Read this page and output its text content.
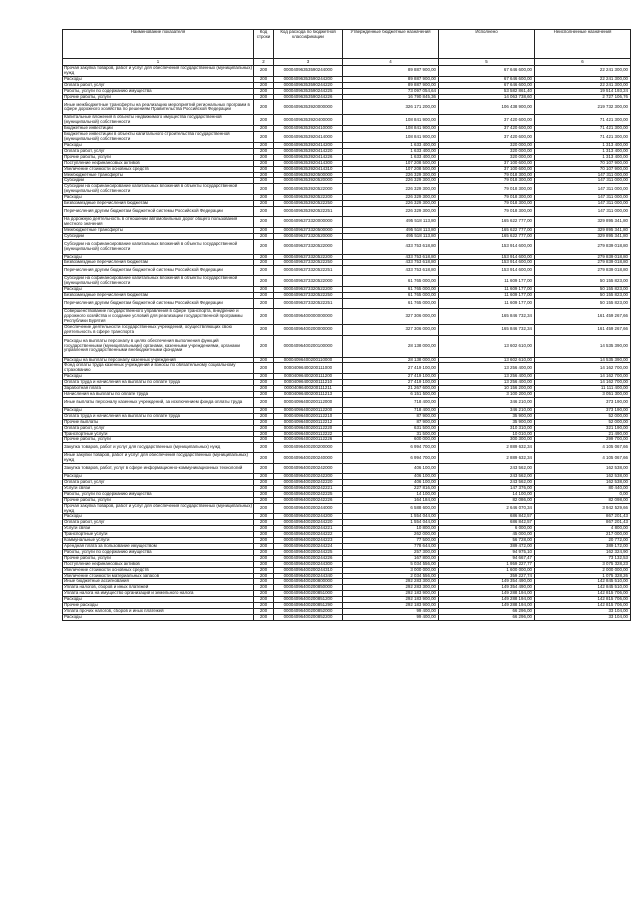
Наименование показателя	Код строки	Код расхода по бюджетной классификации	Утвержденные бюджетные назначения	Исполнено	Неисполненные назначения
1	2	3	4	5	6
Прочая закупка товаров, работ и услуг для обеспечения государственных (муниципальных) нужд	200	00004096353590244000	89 887 900,00	67 646 600,00	22 241 300,00
Расходы	200	00004096353590244200	89 887 900,00	67 646 600,00	22 241 300,00
Оплата работ, услуг	200	00004096353590244220	89 887 900,00	67 646 600,00	22 241 300,00
Работы, услуги по содержанию имущества	200	00004096353590244225	73 097 054,64	53 582 861,40	19 514 193,24
Прочие работы, услуги	200	00004096353590244226	16 790 845,36	14 063 738,60	2 727 106,76
Иные межбюджетные трансферты на реализацию мероприятий региональных программ в сфере дорожного хозяйства по решениям Правительства Российской Федерации	200	00004096353920000000	326 171 200,00	106 438 900,00	219 732 300,00
Капитальные вложения в объекты недвижимого имущества государственной (муниципальной) собственности	200	00004096353920400000	108 841 900,00	37 420 600,00	71 421 300,00
Бюджетные инвестиции	200	00004096353920410000	108 841 900,00	37 420 600,00	71 421 300,00
Бюджетные инвестиции в объекты капитального строительства государственной (муниципальной) собственности	200	00004096353920414000	108 841 900,00	37 420 600,00	71 421 300,00
Расходы	200	00004096353920414200	1 633 400,00	320 000,00	1 313 400,00
Оплата работ, услуг	200	00004096353920414220	1 633 400,00	320 000,00	1 313 400,00
Прочие работы, услуги	200	00004096353920414226	1 633 400,00	320 000,00	1 313 400,00
Поступление нефинансовых активов	200	00004096353920414300	107 208 500,00	37 100 600,00	70 107 900,00
Увеличение стоимости основных средств	200	00004096353920414310	107 208 500,00	37 100 600,00	70 107 900,00
Межбюджетные трансферты	200	00004096353920500000	226 329 300,00	79 018 300,00	147 311 000,00
Субсидии	200	00004096353920520000	226 329 300,00	79 018 300,00	147 311 000,00
Субсидии на софинансирование капитальных вложений в объекты государственной (муниципальной) собственности	200	00004096353920522000	226 329 300,00	79 018 300,00	147 311 000,00
Расходы	200	00004096353920522200	226 329 300,00	79 018 300,00	147 311 000,00
Безвозмездные перечисления бюджетам	200	00004096353920522250	226 329 300,00	79 018 300,00	147 311 000,00
Перечисления другим бюджетам бюджетной системы Российской Федерации	200	00004096353920522251	226 329 300,00	79 018 300,00	147 311 000,00
На дорожную деятельность в отношении автомобильных дорог общего пользования местного значения	200	00004096373320000000	495 518 113,80	165 622 777,00	329 895 341,80
Межбюджетные трансферты	200	00004096373320500000	495 518 113,80	165 622 777,00	329 895 341,80
Субсидии	200	00004096373320520000	495 518 113,80	165 622 777,00	329 895 341,80
Субсидии на софинансирование капитальных вложений в объекты государственной (муниципальной) собственности	200	00004096373320522000	433 753 618,80	153 914 600,00	279 839 018,80
Расходы	200	00004096373320522200	433 753 618,80	153 914 600,00	279 839 018,80
Безвозмездные перечисления бюджетам	200	00004096373320522250	433 753 618,80	153 914 600,00	279 839 018,80
Перечисления другим бюджетам бюджетной системы Российской Федерации	200	00004096373320522251	433 753 618,80	153 914 600,00	279 839 018,80
Субсидии на софинансирование капитальных вложений в объекты государственной (муниципальной) собственности	200	00004096373320522000	61 765 000,00	11 609 177,00	50 155 823,00
Расходы	200	00004096373320522200	61 765 000,00	11 609 177,00	50 155 823,00
Безвозмездные перечисления бюджетам	200	00004096373320522250	61 765 000,00	11 609 177,00	50 155 823,00
Перечисления другим бюджетам бюджетной системы Российской Федерации	200	00004096373320522251	61 765 000,00	11 609 177,00	50 155 823,00
Совершенствование государственного управления в сфере транспорта, внедрение и дорожного хозяйства и создание условий для реализации государственной программы Республики Бурятия	200	00004096400000000000	327 306 000,00	165 846 732,34	161 459 267,66
Обеспечение деятельности государственных учреждений, осуществляющих свою деятельность в сфере транспорта	200	00004096400200000000	327 306 000,00	165 846 732,34	161 459 267,66
Расходы на выплаты персоналу в целях обеспечения выполнения функций государственными (муниципальными) органами, казенными учреждениями, органами управления государственными внебюджетными фондами	200	00004096400200100000	28 138 000,00	13 602 610,00	14 535 390,00
Расходы на выплаты персоналу казенных учреждений	200	00004096400200110000	28 138 000,00	13 602 610,00	14 535 390,00
Фонд оплаты труда казенных учреждений и взносы по обязательному социальному страхованию	200	00004096400200111000	27 419 100,00	13 256 400,00	14 162 700,00
Расходы	200	00004096400200111200	27 419 100,00	13 256 400,00	14 162 700,00
Оплата труда и начисления на выплаты по оплате труда	200	00004096400200111210	27 419 100,00	13 256 400,00	14 162 700,00
Заработная плата	200	00004096400200111211	21 267 600,00	10 156 200,00	11 111 400,00
Начисления на выплаты по оплате труда	200	00004096400200111213	6 151 500,00	3 100 200,00	3 051 300,00
Иные выплаты персоналу казенных учреждений, за исключением фонда оплаты труда	200	00004096400200112000	718 400,00	346 210,00	373 190,00
Расходы	200	00004096400200112200	718 400,00	346 210,00	373 190,00
Оплата труда и начисления на выплаты по оплате труда	200	00004096400200112210	87 900,00	35 900,00	52 000,00
Прочие выплаты	200	00004096400200112212	87 900,00	35 900,00	52 000,00
Оплата работ, услуг	200	00004096400200112220	631 500,00	310 310,00	321 190,00
Транспортные услуги	200	00004096400200112222	31 500,00	10 010,00	21 490,00
Прочие работы, услуги	200	00004096400200112226	600 000,00	300 300,00	299 700,00
Закупка товаров, работ и услуг для государственных (муниципальных) нужд	200	00004096400200200000	6 994 700,00	2 889 632,34	4 105 067,66
Иные закупки товаров, работ и услуг для обеспечения государственных (муниципальных) нужд	200	00004096400200240000	6 994 700,00	2 889 632,34	4 105 067,66
Закупка товаров, работ, услуг в сфере информационно-коммуникационных технологий	200	00004096400200242000	406 100,00	243 562,00	162 538,00
Расходы	200	00004096400200242200	406 100,00	243 562,00	162 538,00
Оплата работ, услуг	200	00004096400200242220	406 100,00	243 562,00	162 538,00
Услуги связи	200	00004096400200242221	227 816,00	147 376,00	80 440,00
Работы, услуги по содержанию имущества	200	00004096400200242225	14 100,00	14 100,00	0,00
Прочие работы, услуги	200	00004096400200242226	164 184,00	82 086,00	82 098,00
Прочая закупка товаров, работ и услуг для обеспечения государственных (муниципальных) нужд	200	00004096400200244000	6 588 600,00	2 646 070,34	3 942 529,66
Расходы	200	00004096400200244200	1 554 044,00	686 842,57	867 201,43
Оплата работ, услуг	200	00004096400200244220	1 554 044,00	686 842,57	867 201,43
Услуги связи	200	00004096400200244221	10 800,00	6 000,00	4 800,00
Транспортные услуги	200	00004096400200244222	262 000,00	45 000,00	217 000,00
Коммунальные услуги	200	00004096400200244223	77 500,00	56 728,00	20 772,00
Арендная плата за пользование имуществом	200	00004096400200244224	778 644,00	389 472,00	389 172,00
Работы, услуги по содержанию имущества	200	00004096400200244225	257 300,00	94 975,10	162 324,90
Прочие работы, услуги	200	00004096400200244226	167 800,00	94 667,47	73 132,53
Поступление нефинансовых активов	200	00004096400200244300	5 034 556,00	1 959 227,77	3 075 328,23
Увеличение стоимости основных средств	200	00004096400200244310	3 000 000,00	1 600 000,00	2 000 000,00
Увеличение стоимости материальных запасов	200	00004096400200244340	2 034 556,00	359 227,74	1 075 328,26
Иные бюджетные ассигнования	200	00004096400200800000	292 283 300,00	149 354 490,00	142 845 510,00
Уплата налогов, сборов и иных платежей	200	00004096400200850000	292 283 300,00	149 354 490,00	142 845 510,00
Уплата налога на имущество организаций и земельного налога	200	00004096400200851000	292 183 900,00	149 288 194,00	142 815 706,00
Расходы	200	00004096400200851200	292 183 900,00	149 288 194,00	142 815 706,00
Прочие расходы	200	00004096400200851290	292 183 900,00	149 288 194,00	142 815 706,00
Уплата прочих налогов, сборов и иных платежей	200	00004096400200852000	99 400,00	66 296,00	33 104,00
Расходы	200	00004096400200852200	99 400,00	66 296,00	33 104,00
